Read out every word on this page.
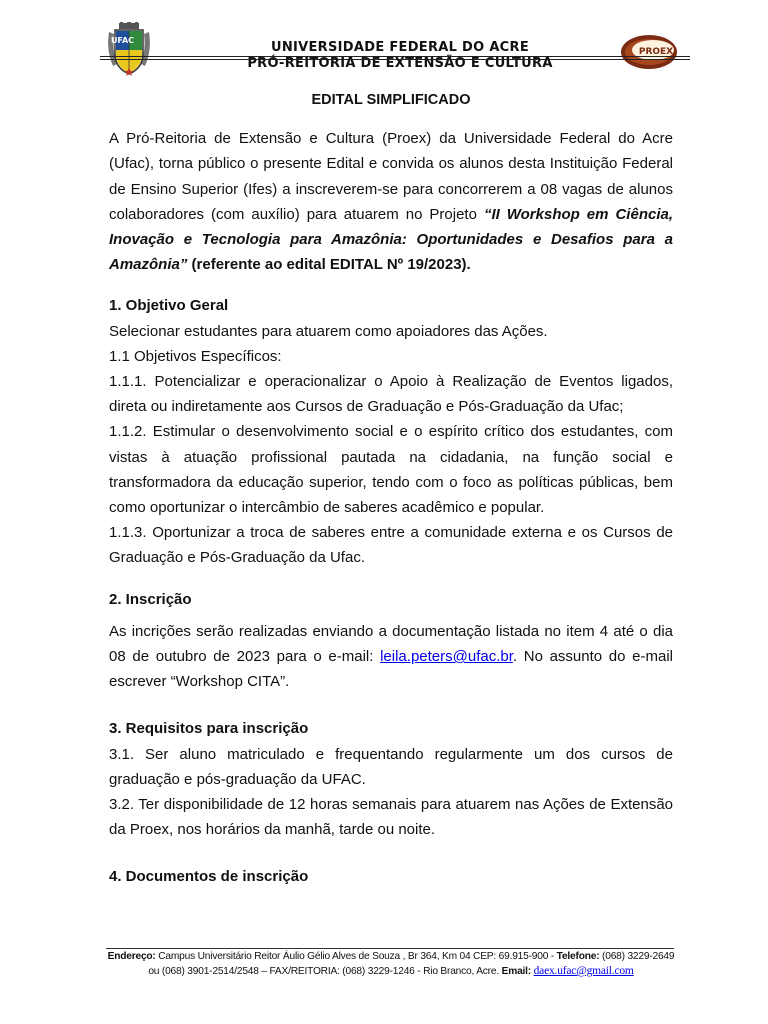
UFAC	UNIVERSIDADE FEDERAL DO ACRE
PRÓ-REITORIA DE EXTENSÃO E CULTURA
PROEX

EDITAL SIMPLIFICADO

A Pró-Reitoria de Extensão e Cultura (Proex) da Universidade Federal do Acre (Ufac), torna público o presente Edital e convida os alunos desta Instituição Federal de Ensino Superior (Ifes) a inscreverem-se para concorrerem a 08 vagas de alunos colaboradores (com auxílio) para atuarem no Projeto “II Workshop em Ciência, Inovação e Tecnologia para Amazônia: Oportunidades e Desafios para a Amazônia” (referente ao edital EDITAL Nº 19/2023).

1. Objetivo Geral

Selecionar estudantes para atuarem como apoiadores das Ações.

1.1 Objetivos Específicos:

1.1.1. Potencializar e operacionalizar o Apoio à Realização de Eventos ligados, direta ou indiretamente aos Cursos de Graduação e Pós-Graduação da Ufac;

1.1.2. Estimular o desenvolvimento social e o espírito crítico dos estudantes, com vistas à atuação profissional pautada na cidadania, na função social e transformadora da educação superior, tendo com o foco as políticas públicas, bem como oportunizar o intercâmbio de saberes acadêmico e popular.

1.1.3. Oportunizar a troca de saberes entre a comunidade externa e os Cursos de Graduação e Pós-Graduação da Ufac.

2. Inscrição

As incrições serão realizadas enviando a documentação listada no item 4 até o dia 08 de outubro de 2023 para o e-mail: leila.peters@ufac.br. No assunto do e-mail escrever “Workshop CITA”.

3. Requisitos para inscrição

3.1. Ser aluno matriculado e frequentando regularmente um dos cursos de graduação e pós-graduação da UFAC.

3.2. Ter disponibilidade de 12 horas semanais para atuarem nas Ações de Extensão da Proex, nos horários da manhã, tarde ou noite.

4. Documentos de inscrição

Endereço: Campus Universitário Reitor Áulio Gélio Alves de Souza , Br 364, Km 04 CEP: 69.915-900 - Telefone: (068) 3229-2649
ou (068) 3901-2514/2548 – FAX/REITORIA: (068) 3229-1246 - Rio Branco, Acre. Email: daex.ufac@gmail.com
